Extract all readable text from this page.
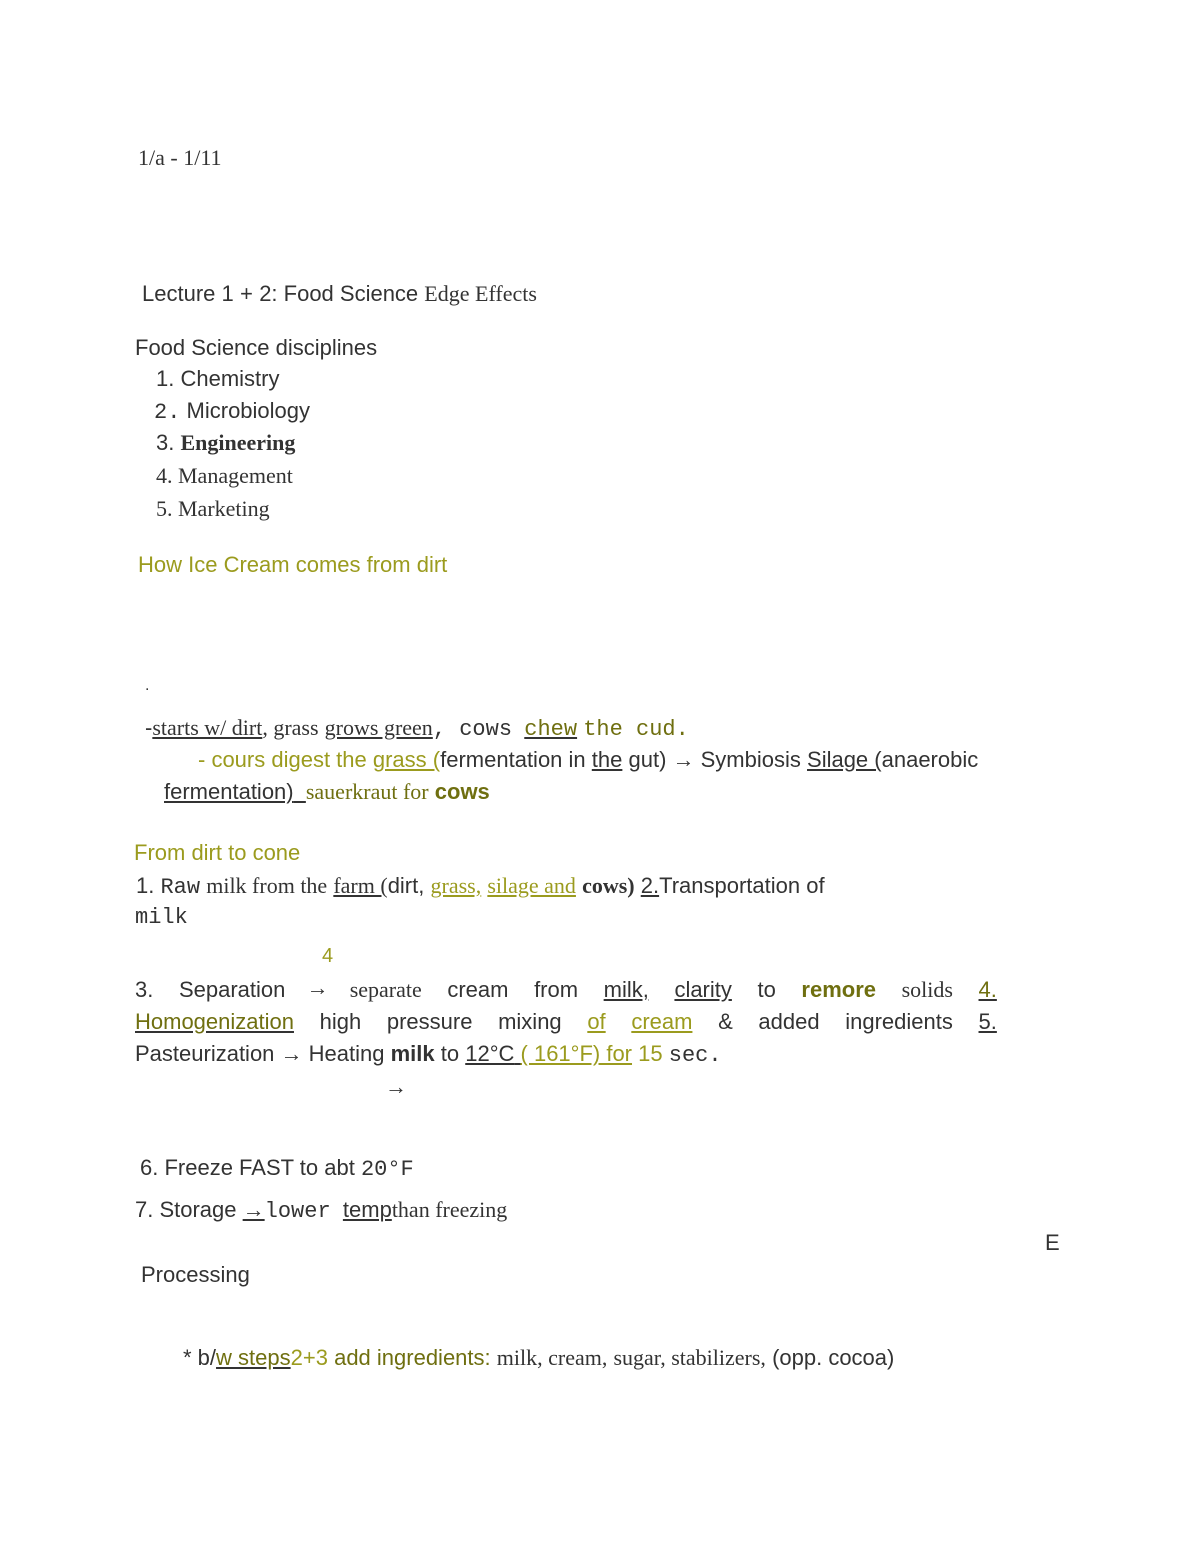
1/a - 1/11
Lecture 1 + 2: Food Science Edge Effects
Food Science disciplines
1. Chemistry
2. Microbiology
3. Engineering
4. Management
5. Marketing
How Ice Cream comes from dirt
.
-starts w/ dirt, grass grows green, cows chew the cud.
- cours digest the grass (fermentation in the gut) → Symbiosis Silage (anaerobic
fermentation) sauerkraut for cows
From dirt to cone
1. Raw milk from the farm (dirt, grass, silage and cows) 2.Transportation of
milk
4
3. Separation → separate cream from milk, clarity to remore solids 4.
Homogenization high pressure mixing of cream & added ingredients 5.
Pasteurization → Heating milk to 12°C ( 161°F) for 15 sec.
→
6. Freeze FAST to abt 20°F
7. Storage →lower tempthan freezing
E
Processing
* b/w steps2+3 add ingredients: milk, cream, sugar, stabilizers, (opp. cocoa)
